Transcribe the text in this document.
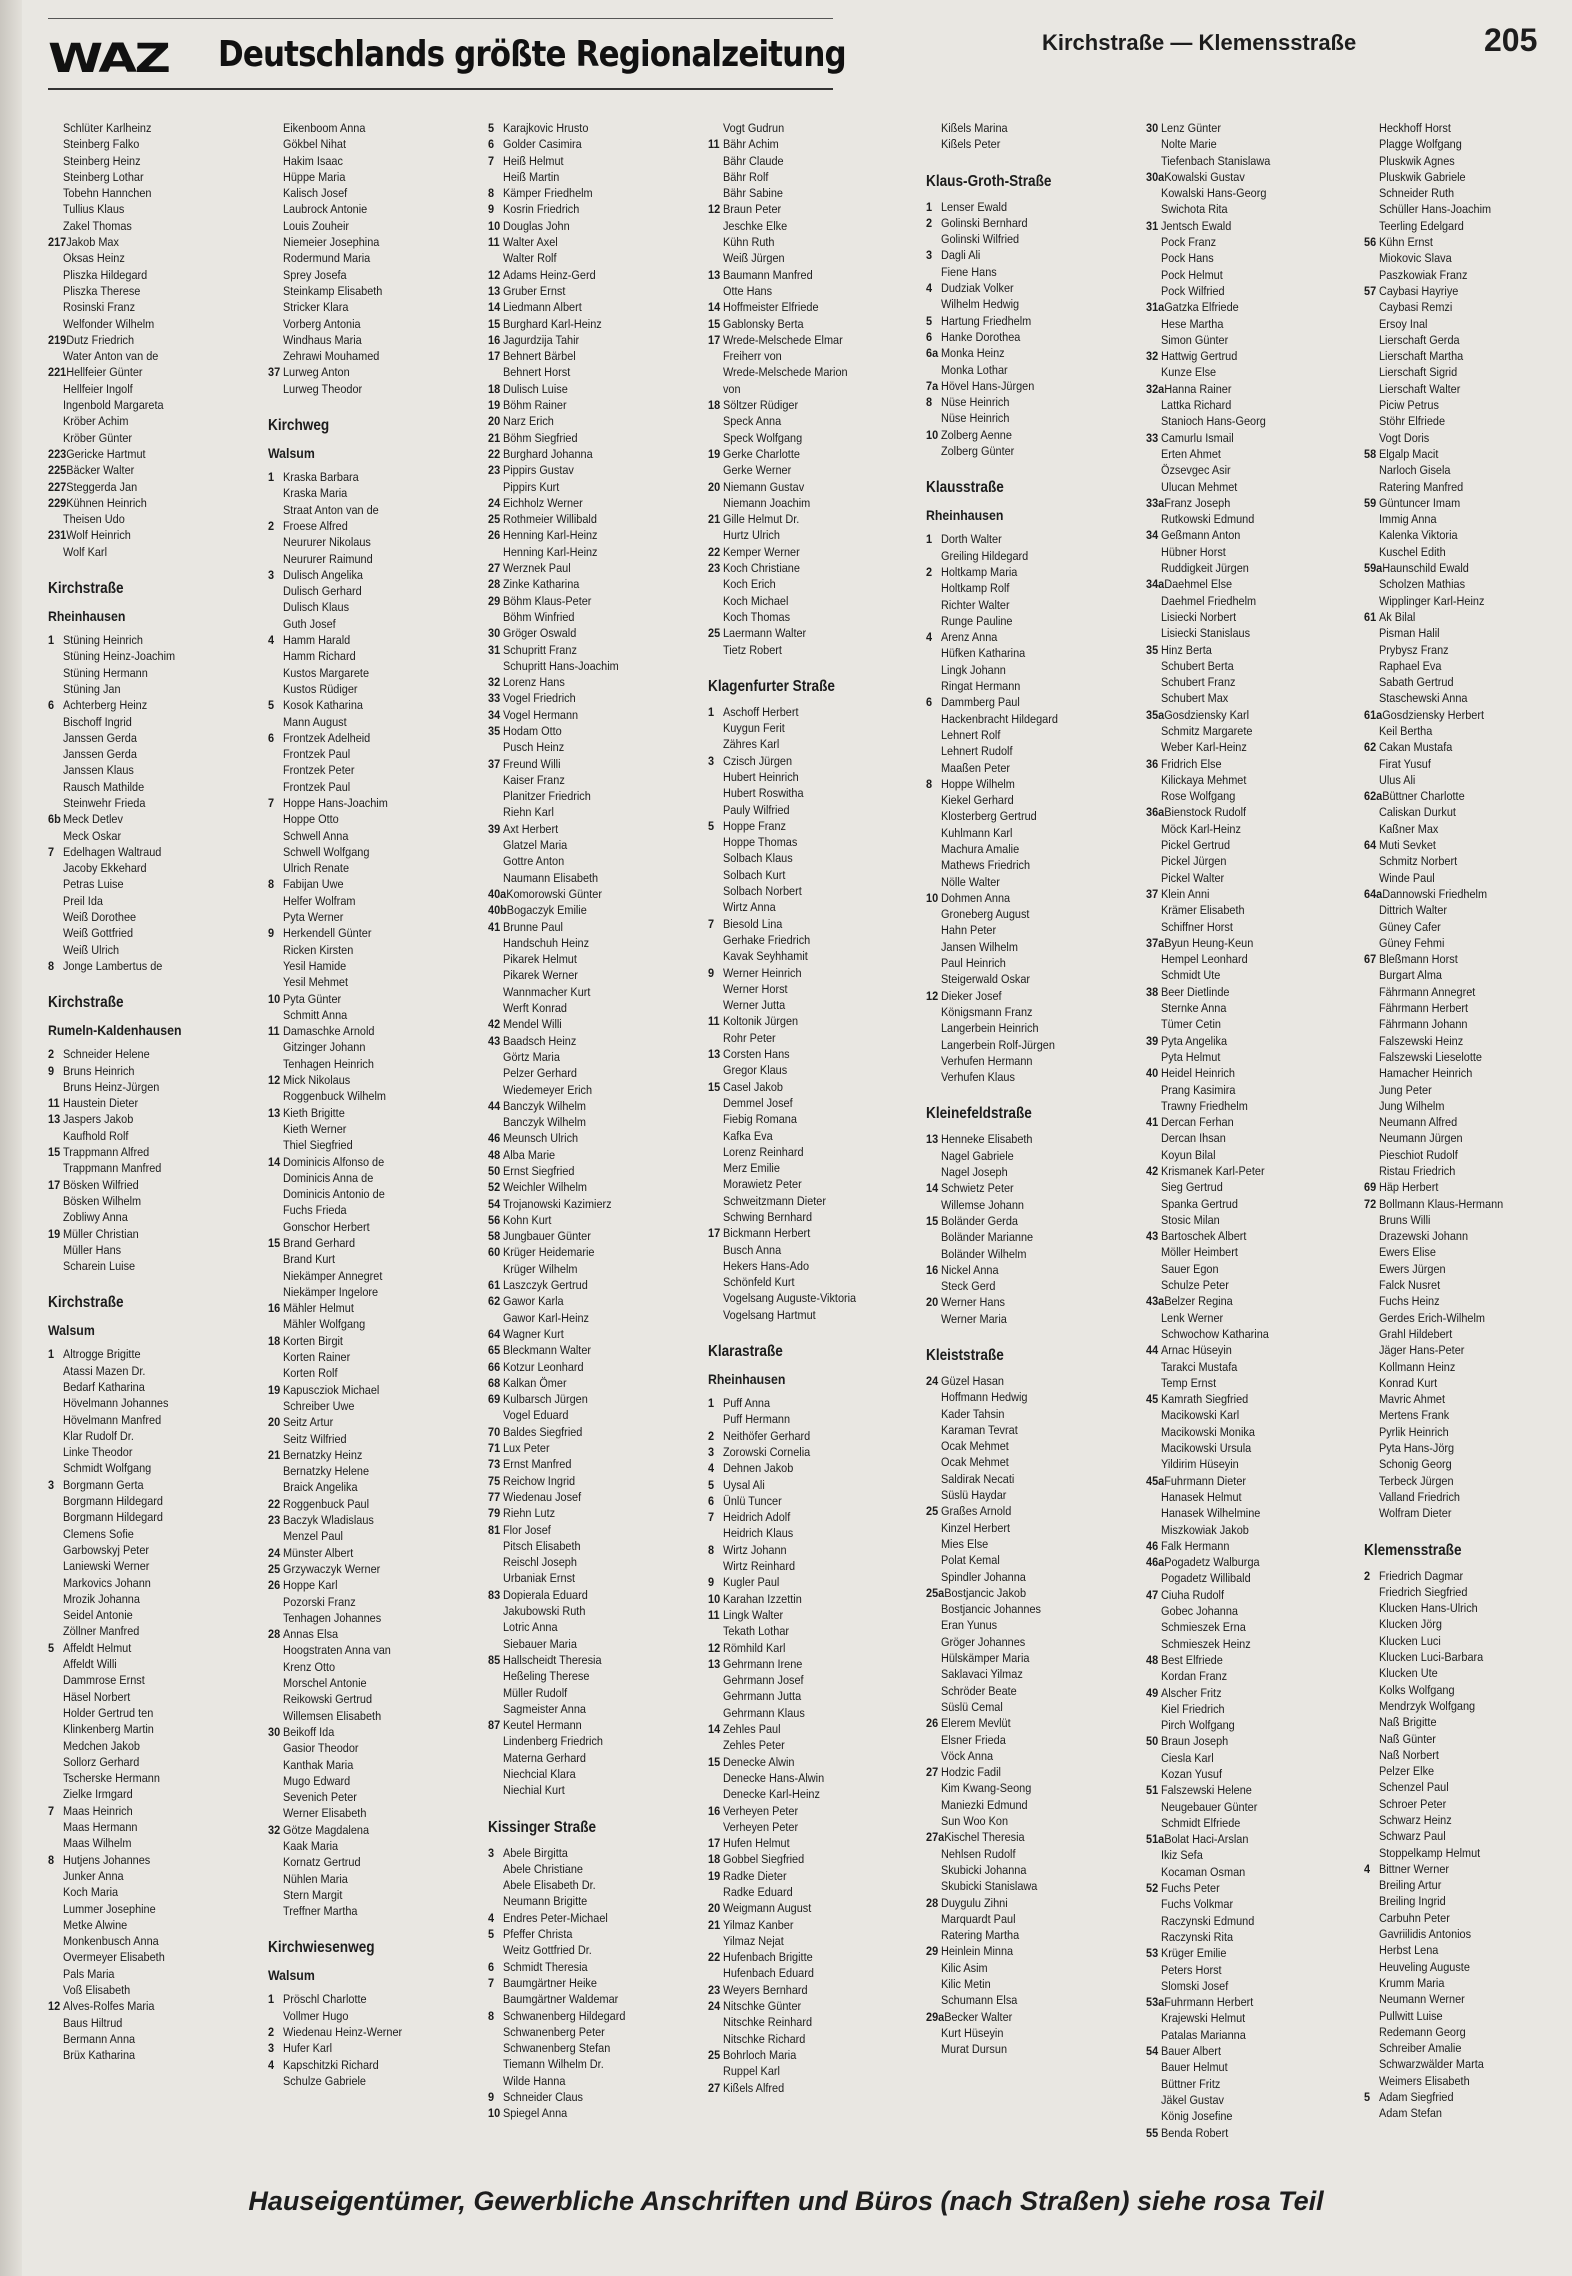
WAZ Deutschlands größte Regionalzeitung	Kirchstraße — Klemensstraße	205
Schlüter Karlheinz
Steinberg Falko
Steinberg Heinz
Steinberg Lothar
Tobehn Hannchen
Tullius Klaus
Zakel Thomas
217Jakob Max
Oksas Heinz
Pliszka Hildegard
Pliszka Therese
Rosinski Franz
Welfonder Wilhelm
219Dutz Friedrich
Water Anton van de
221Hellfeier Günter
Hellfeier Ingolf
Ingenbold Margareta
Kröber Achim
Kröber Günter
223Gericke Hartmut
225Bäcker Walter
227Steggerda Jan
229Kühnen Heinrich
Theisen Udo
231Wolf Heinrich
Wolf Karl
Kirchstraße
Rheinhausen
1 Stüning Heinrich
Stüning Heinz-Joachim
Stüning Hermann
Stüning Jan
6 Achterberg Heinz
Bischoff Ingrid
Janssen Gerda
Janssen Gerda
Janssen Klaus
Rausch Mathilde
Steinwehr Frieda
6b Meck Detlev
Meck Oskar
7 Edelhagen Waltraud
Jacoby Ekkehard
Petras Luise
Preil Ida
Weiß Dorothee
Weiß Gottfried
Weiß Ulrich
8 Jonge Lambertus de
Kirchstraße
Rumeln-Kaldenhausen
2 Schneider Helene
9 Bruns Heinrich
Bruns Heinz-Jürgen
11 Haustein Dieter
13 Jaspers Jakob
Kaufhold Rolf
15 Trappmann Alfred
Trappmann Manfred
17 Bösken Wilfried
Bösken Wilhelm
Zobliwy Anna
19 Müller Christian
Müller Hans
Scharein Luise
Kirchstraße
Walsum
1 Altrogge Brigitte
Atassi Mazen Dr.
Bedarf Katharina
Hövelmann Johannes
Hövelmann Manfred
Klar Rudolf Dr.
Linke Theodor
Schmidt Wolfgang
3 Borgmann Gerta
Borgmann Hildegard
Borgmann Hildegard
Clemens Sofie
Garbowskyj Peter
Laniewski Werner
Markovics Johann
Mrozik Johanna
Seidel Antonie
Zöllner Manfred
5 Affeldt Helmut
Affeldt Willi
Dammrose Ernst
Häsel Norbert
Holder Gertrud ten
Klinkenberg Martin
Medchen Jakob
Sollorz Gerhard
Tscherske Hermann
Zielke Irmgard
7 Maas Heinrich
Maas Hermann
Maas Wilhelm
8 Hutjens Johannes
Junker Anna
Koch Maria
Lummer Josephine
Metke Alwine
Monkenbusch Anna
Overmeyer Elisabeth
Pals Maria
Voß Elisabeth
12 Alves-Rolfes Maria
Baus Hiltrud
Bermann Anna
Brüx Katharina
Eikenboom Anna
Gökbel Nihat
Hakim Isaac
Hüppe Maria
Kalisch Josef
Laubrock Antonie
Louis Zouheir
Niemeier Josephina
Rodermund Maria
Sprey Josefa
Steinkamp Elisabeth
Stricker Klara
Vorberg Antonia
Windhaus Maria
Zehrawi Mouhamed
37 Lurweg Anton
Lurweg Theodor
Kirchweg
Walsum
1 Kraska Barbara
Kraska Maria
Straat Anton van de
2 Froese Alfred
Neururer Nikolaus
Neururer Raimund
3 Dulisch Angelika
Dulisch Gerhard
Dulisch Klaus
Guth Josef
4 Hamm Harald
Hamm Richard
Kustos Margarete
Kustos Rüdiger
5 Kosok Katharina
Mann August
6 Frontzek Adelheid
Frontzek Paul
Frontzek Peter
Frontzek Paul
7 Hoppe Hans-Joachim
Hoppe Otto
Schwell Anna
Schwell Wolfgang
Ulrich Renate
8 Fabijan Uwe
Helfer Wolfram
Pyta Werner
9 Herkendell Günter
Ricken Kirsten
Yesil Hamide
Yesil Mehmet
10 Pyta Günter
Schmitt Anna
11 Damaschke Arnold
Gitzinger Johann
Tenhagen Heinrich
12 Mick Nikolaus
Roggenbuck Wilhelm
13 Kieth Brigitte
Kieth Werner
Thiel Siegfried
14 Dominicis Alfonso de
Dominicis Anna de
Dominicis Antonio de
Fuchs Frieda
Gonschor Herbert
15 Brand Gerhard
Brand Kurt
Niekämper Annegret
Niekämper Ingelore
16 Mähler Helmut
Mähler Wolfgang
18 Korten Birgit
Korten Rainer
Korten Rolf
19 Kapuscziok Michael
Schreiber Uwe
20 Seitz Artur
Seitz Wilfried
21 Bernatzky Heinz
Bernatzky Helene
Braick Angelika
22 Roggenbuck Paul
23 Baczyk Wladislaus
Menzel Paul
24 Münster Albert
25 Grzywaczyk Werner
26 Hoppe Karl
Pozorski Franz
Tenhagen Johannes
28 Annas Elsa
Hoogstraten Anna van
Krenz Otto
Morschel Antonie
Reikowski Gertrud
Willemsen Elisabeth
30 Beikoff Ida
Gasior Theodor
Kanthak Maria
Mugo Edward
Sevenich Peter
Werner Elisabeth
32 Götze Magdalena
Kaak Maria
Kornatz Gertrud
Nühlen Maria
Stern Margit
Treffner Martha
Kirchwiesenweg
Walsum
1 Pröschl Charlotte
Vollmer Hugo
2 Wiedenau Heinz-Werner
3 Hufer Karl
4 Kapschitzki Richard
Schulze Gabriele
5 Karajkovic Hrusto
6 Golder Casimira
7 Heiß Helmut
Heiß Martin
8 Kämper Friedhelm
9 Kosrin Friedrich
10 Douglas John
11 Walter Axel
Walter Rolf
12 Adams Heinz-Gerd
13 Gruber Ernst
14 Liedmann Albert
15 Burghard Karl-Heinz
16 Jagurdzija Tahir
17 Behnert Bärbel
Behnert Horst
18 Dulisch Luise
19 Böhm Rainer
20 Narz Erich
21 Böhm Siegfried
22 Burghard Johanna
23 Pippirs Gustav
Pippirs Kurt
24 Eichholz Werner
25 Rothmeier Willibald
26 Henning Karl-Heinz
Henning Karl-Heinz
27 Werznek Paul
28 Zinke Katharina
29 Böhm Klaus-Peter
Böhm Winfried
30 Gröger Oswald
31 Schupritt Franz
Schupritt Hans-Joachim
32 Lorenz Hans
33 Vogel Friedrich
34 Vogel Hermann
35 Hodam Otto
Pusch Heinz
37 Freund Willi
Kaiser Franz
Planitzer Friedrich
Riehn Karl
39 Axt Herbert
Glatzel Maria
Gottre Anton
Naumann Elisabeth
40aKomorowski Günter
40bBogaczyk Emilie
41 Brunne Paul
Handschuh Heinz
Pikarek Helmut
Pikarek Werner
Wannmacher Kurt
Werft Konrad
42 Mendel Willi
43 Baadsch Heinz
Görtz Maria
Pelzer Gerhard
Wiedemeyer Erich
44 Banczyk Wilhelm
Banczyk Wilhelm
46 Meunsch Ulrich
48 Alba Marie
50 Ernst Siegfried
52 Weichler Wilhelm
54 Trojanowski Kazimierz
56 Kohn Kurt
58 Jungbauer Günter
60 Krüger Heidemarie
Krüger Wilhelm
61 Laszczyk Gertrud
62 Gawor Karla
Gawor Karl-Heinz
64 Wagner Kurt
65 Bleckmann Walter
66 Kotzur Leonhard
68 Kalkan Ömer
69 Kulbarsch Jürgen
Vogel Eduard
70 Baldes Siegfried
71 Lux Peter
73 Ernst Manfred
75 Reichow Ingrid
77 Wiedenau Josef
79 Riehn Lutz
81 Flor Josef
Pitsch Elisabeth
Reischl Joseph
Urbaniak Ernst
83 Dopierala Eduard
Jakubowski Ruth
Lotric Anna
Siebauer Maria
85 Hallscheidt Theresia
Heßeling Therese
Müller Rudolf
Sagmeister Anna
87 Keutel Hermann
Lindenberg Friedrich
Materna Gerhard
Niechcial Klara
Niechial Kurt
Kissinger Straße
3 Abele Birgitta
Abele Christiane
Abele Elisabeth Dr.
Neumann Brigitte
4 Endres Peter-Michael
5 Pfeffer Christa
Weitz Gottfried Dr.
6 Schmidt Theresia
7 Baumgärtner Heike
Baumgärtner Waldemar
8 Schwanenberg Hildegard
Schwanenberg Peter
Schwanenberg Stefan
Tiemann Wilhelm Dr.
Wilde Hanna
9 Schneider Claus
10 Spiegel Anna
Vogt Gudrun
11 Bähr Achim
Bähr Claude
Bähr Rolf
Bähr Sabine
12 Braun Peter
Jeschke Elke
Kühn Ruth
Weiß Jürgen
13 Baumann Manfred
Otte Hans
14 Hoffmeister Elfriede
15 Gablonsky Berta
17 Wrede-Melschede Elmar
Freiherr von
Wrede-Melschede Marion
von
18 Söltzer Rüdiger
Speck Anna
Speck Wolfgang
19 Gerke Charlotte
Gerke Werner
20 Niemann Gustav
Niemann Joachim
21 Gille Helmut Dr.
Hurtz Ulrich
22 Kemper Werner
23 Koch Christiane
Koch Erich
Koch Michael
Koch Thomas
25 Laermann Walter
Tietz Robert
Klagenfurter Straße
1 Aschoff Herbert
Kuygun Ferit
Zähres Karl
3 Czisch Jürgen
Hubert Heinrich
Hubert Roswitha
Pauly Wilfried
5 Hoppe Franz
Hoppe Thomas
Solbach Klaus
Solbach Kurt
Solbach Norbert
Wirtz Anna
7 Biesold Lina
Gerhake Friedrich
Kavak Seyhhamit
9 Werner Heinrich
Werner Horst
Werner Jutta
11 Koltonik Jürgen
Rohr Peter
13 Corsten Hans
Gregor Klaus
15 Casel Jakob
Demmel Josef
Fiebig Romana
Kafka Eva
Lorenz Reinhard
Merz Emilie
Morawietz Peter
Schweitzmann Dieter
Schwing Bernhard
17 Bickmann Herbert
Busch Anna
Hekers Hans-Ado
Schönfeld Kurt
Vogelsang Auguste-Viktoria
Vogelsang Hartmut
Klarastraße
Rheinhausen
1 Puff Anna
Puff Hermann
2 Neithöfer Gerhard
3 Zorowski Cornelia
4 Dehnen Jakob
5 Uysal Ali
6 Ünlü Tuncer
7 Heidrich Adolf
Heidrich Klaus
8 Wirtz Johann
Wirtz Reinhard
9 Kugler Paul
10 Karahan Izzettin
11 Lingk Walter
Tekath Lothar
12 Römhild Karl
13 Gehrmann Irene
Gehrmann Josef
Gehrmann Jutta
Gehrmann Klaus
14 Zehles Paul
Zehles Peter
15 Denecke Alwin
Denecke Hans-Alwin
Denecke Karl-Heinz
16 Verheyen Peter
Verheyen Peter
17 Hufen Helmut
18 Gobbel Siegfried
19 Radke Dieter
Radke Eduard
20 Weigmann August
21 Yilmaz Kanber
Yilmaz Nejat
22 Hufenbach Brigitte
Hufenbach Eduard
23 Weyers Bernhard
24 Nitschke Günter
Nitschke Reinhard
Nitschke Richard
25 Bohrloch Maria
Ruppel Karl
27 Kißels Alfred
Kißels Marina
Kißels Peter
Klaus-Groth-Straße
1 Lenser Ewald
2 Golinski Bernhard
Golinski Wilfried
3 Dagli Ali
Fiene Hans
4 Dudziak Volker
Wilhelm Hedwig
5 Hartung Friedhelm
6 Hanke Dorothea
6a Monka Heinz
Monka Lothar
7a Hövel Hans-Jürgen
8 Nüse Heinrich
Nüse Heinrich
10 Zolberg Aenne
Zolberg Günter
Klausstraße
Rheinhausen
1 Dorth Walter
Greiling Hildegard
2 Holtkamp Maria
Holtkamp Rolf
Richter Walter
Runge Pauline
4 Arenz Anna
Hüfken Katharina
Lingk Johann
Ringat Hermann
6 Dammberg Paul
Hackenbracht Hildegard
Lehnert Rolf
Lehnert Rudolf
Maaßen Peter
8 Hoppe Wilhelm
Kiekel Gerhard
Klosterberg Gertrud
Kuhlmann Karl
Machura Amalie
Mathews Friedrich
Nölle Walter
10 Dohmen Anna
Groneberg August
Hahn Peter
Jansen Wilhelm
Paul Heinrich
Steigerwald Oskar
12 Dieker Josef
Königsmann Franz
Langerbein Heinrich
Langerbein Rolf-Jürgen
Verhufen Hermann
Verhufen Klaus
Kleinefeldstraße
13 Henneke Elisabeth
Nagel Gabriele
Nagel Joseph
14 Schwietz Peter
Willemse Johann
15 Boländer Gerda
Boländer Marianne
Boländer Wilhelm
16 Nickel Anna
Steck Gerd
20 Werner Hans
Werner Maria
Kleiststraße
24 Güzel Hasan
Hoffmann Hedwig
Kader Tahsin
Karaman Tevrat
Ocak Mehmet
Ocak Mehmet
Saldirak Necati
Süslü Haydar
25 Graßes Arnold
Kinzel Herbert
Mies Else
Polat Kemal
Spindler Johanna
25aBostjancic Jakob
Bostjancic Johannes
Eran Yunus
Gröger Johannes
Hülskämper Maria
Saklavaci Yilmaz
Schröder Beate
Süslü Cemal
26 Elerem Mevlüt
Elsner Frieda
Vöck Anna
27 Hodzic Fadil
Kim Kwang-Seong
Maniezki Edmund
Sun Woo Kon
27aKischel Theresia
Nehlsen Rudolf
Skubicki Johanna
Skubicki Stanislawa
28 Duygulu Zihni
Marquardt Paul
Ratering Martha
29 Heinlein Minna
Kilic Asim
Kilic Metin
Schumann Elsa
29aBecker Walter
Kurt Hüseyin
Murat Dursun
30 Lenz Günter
Nolte Marie
Tiefenbach Stanislawa
30aKowalski Gustav
Kowalski Hans-Georg
Swichota Rita
31 Jentsch Ewald
Pock Franz
Pock Hans
Pock Helmut
Pock Wilfried
31aGatzka Elfriede
Hese Martha
Simon Günter
32 Hattwig Gertrud
Kunze Else
32aHanna Rainer
Lattka Richard
Stanioch Hans-Georg
33 Camurlu Ismail
Erten Ahmet
Özsevgec Asir
Ulucan Mehmet
33aFranz Joseph
Rutkowski Edmund
34 Geßmann Anton
Hübner Horst
Ruddigkeit Jürgen
34aDaehmel Else
Daehmel Friedhelm
Lisiecki Norbert
Lisiecki Stanislaus
35 Hinz Berta
Schubert Berta
Schubert Franz
Schubert Max
35aGosdziensky Karl
Schmitz Margarete
Weber Karl-Heinz
36 Fridrich Else
Kilickaya Mehmet
Rose Wolfgang
36aBienstock Rudolf
Möck Karl-Heinz
Pickel Gertrud
Pickel Jürgen
Pickel Walter
37 Klein Anni
Krämer Elisabeth
Schiffner Horst
37aByun Heung-Keun
Hempel Leonhard
Schmidt Ute
38 Beer Dietlinde
Sternke Anna
Tümer Cetin
39 Pyta Angelika
Pyta Helmut
40 Heidel Heinrich
Prang Kasimira
Trawny Friedhelm
41 Dercan Ferhan
Dercan Ihsan
Koyun Bilal
42 Krismanek Karl-Peter
Sieg Gertrud
Spanka Gertrud
Stosic Milan
43 Bartoschek Albert
Möller Heimbert
Sauer Egon
Schulze Peter
43aBelzer Regina
Lenk Werner
Schwochow Katharina
44 Arnac Hüseyin
Tarakci Mustafa
Temp Ernst
45 Kamrath Siegfried
Macikowski Karl
Macikowski Monika
Macikowski Ursula
Yildirim Hüseyin
45aFuhrmann Dieter
Hanasek Helmut
Hanasek Wilhelmine
Miszkowiak Jakob
46 Falk Hermann
46aPogadetz Walburga
Pogadetz Willibald
47 Ciuha Rudolf
Gobec Johanna
Schmieszek Erna
Schmieszek Heinz
48 Best Elfriede
Kordan Franz
49 Alscher Fritz
Kiel Friedrich
Pirch Wolfgang
50 Braun Joseph
Ciesla Karl
Kozan Yusuf
51 Falszewski Helene
Neugebauer Günter
Schmidt Elfriede
51aBolat Haci-Arslan
Ikiz Sefa
Kocaman Osman
52 Fuchs Peter
Fuchs Volkmar
Raczynski Edmund
Raczynski Rita
53 Krüger Emilie
Peters Horst
Slomski Josef
53aFuhrmann Herbert
Krajewski Helmut
Patalas Marianna
54 Bauer Albert
Bauer Helmut
Büttner Fritz
Jäkel Gustav
König Josefine
55 Benda Robert
Heckhoff Horst
Plagge Wolfgang
Pluskwik Agnes
Pluskwik Gabriele
Schneider Ruth
Schüller Hans-Joachim
Teerling Edelgard
56 Kühn Ernst
Miokovic Slava
Paszkowiak Franz
57 Caybasi Hayriye
Caybasi Remzi
Ersoy Inal
Lierschaft Gerda
Lierschaft Martha
Lierschaft Sigrid
Lierschaft Walter
Piciw Petrus
Stöhr Elfriede
Vogt Doris
58 Elgalp Macit
Narloch Gisela
Ratering Manfred
59 Güntuncer Imam
Immig Anna
Kalenka Viktoria
Kuschel Edith
59aHaunschild Ewald
Scholzen Mathias
Wipplinger Karl-Heinz
61 Ak Bilal
Pisman Halil
Prybysz Franz
Raphael Eva
Sabath Gertrud
Staschewski Anna
61aGosdziensky Herbert
Keil Bertha
62 Cakan Mustafa
Firat Yusuf
Ulus Ali
62aBüttner Charlotte
Caliskan Durkut
Kaßner Max
64 Muti Sevket
Schmitz Norbert
Winde Paul
64aDannowski Friedhelm
Dittrich Walter
Güney Cafer
Güney Fehmi
67 Bleßmann Horst
Burgart Alma
Fährmann Annegret
Fährmann Herbert
Fährmann Johann
Falszewski Heinz
Falszewski Lieselotte
Hamacher Heinrich
Jung Peter
Jung Wilhelm
Neumann Alfred
Neumann Jürgen
Pieschiot Rudolf
Ristau Friedrich
69 Häp Herbert
72 Bollmann Klaus-Hermann
Bruns Willi
Drazewski Johann
Ewers Elise
Ewers Jürgen
Falck Nusret
Fuchs Heinz
Gerdes Erich-Wilhelm
Grahl Hildebert
Jäger Hans-Peter
Kollmann Heinz
Konrad Kurt
Mavric Ahmet
Mertens Frank
Pyrlik Heinrich
Pyta Hans-Jörg
Schonig Georg
Terbeck Jürgen
Valland Friedrich
Wolfram Dieter
Klemensstraße
2 Friedrich Dagmar
Friedrich Siegfried
Klucken Hans-Ulrich
Klucken Jörg
Klucken Luci
Klucken Luci-Barbara
Klucken Ute
Kolks Wolfgang
Mendrzyk Wolfgang
Naß Brigitte
Naß Günter
Naß Norbert
Pelzer Elke
Schenzel Paul
Schroer Peter
Schwarz Heinz
Schwarz Paul
Stoppelkamp Helmut
4 Bittner Werner
Breiling Artur
Breiling Ingrid
Carbuhn Peter
Gavriilidis Antonios
Herbst Lena
Heuveling Auguste
Krumm Maria
Neumann Werner
Pullwitt Luise
Redemann Georg
Schreiber Amalie
Schwarzwälder Marta
Weimers Elisabeth
5 Adam Siegfried
Adam Stefan
Hauseigentümer, Gewerbliche Anschriften und Büros (nach Straßen) siehe rosa Teil
